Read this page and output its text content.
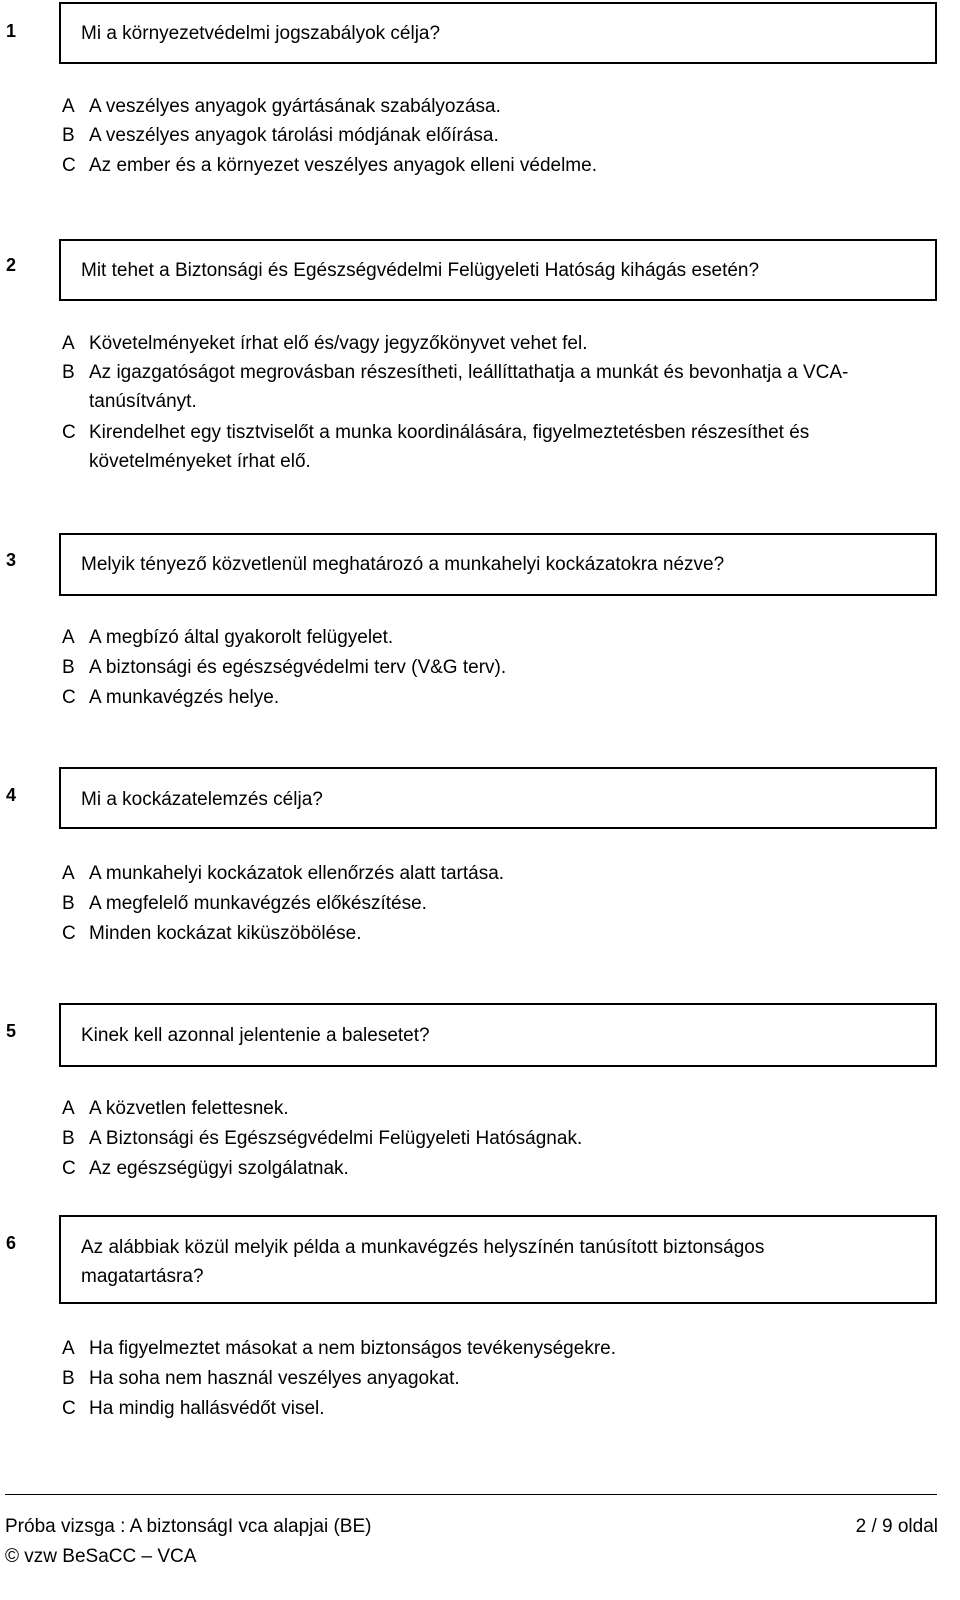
1	Mi a környezetvédelmi jogszabályok célja?
A A veszélyes anyagok gyártásának szabályozása.
B A veszélyes anyagok tárolási módjának előírása.
C Az ember és a környezet veszélyes anyagok elleni védelme.
2	Mit tehet a Biztonsági és Egészségvédelmi Felügyeleti Hatóság kihágás esetén?
A Követelményeket írhat elő és/vagy jegyzőkönyvet vehet fel.
B Az igazgatóságot megrovásban részesítheti, leállíttathatja a munkát és bevonhatja a VCA-
tanúsítványt.
C Kirendelhet egy tisztviselőt a munka koordinálására, figyelmeztetésben részesíthet és
követelményeket írhat elő.
3	Melyik tényező közvetlenül meghatározó a munkahelyi kockázatokra nézve?
A A megbízó által gyakorolt felügyelet.
B A biztonsági és egészségvédelmi terv (V&G terv).
C A munkavégzés helye.
4	Mi a kockázatelemzés célja?
A A munkahelyi kockázatok ellenőrzés alatt tartása.
B A megfelelő munkavégzés előkészítése.
C Minden kockázat kiküszöbölése.
5	Kinek kell azonnal jelentenie a balesetet?
A A közvetlen felettesnek.
B A Biztonsági és Egészségvédelmi Felügyeleti Hatóságnak.
C Az egészségügyi szolgálatnak.
6	Az alábbiak közül melyik példa a munkavégzés helyszínén tanúsított biztonságos
magatartásra?
A Ha figyelmeztet másokat a nem biztonságos tevékenységekre.
B Ha soha nem használ veszélyes anyagokat.
C Ha mindig hallásvédőt visel.
Próba vizsga : A biztonságI vca alapjai (BE)	2 / 9 oldal
© vzw BeSaCC – VCA
